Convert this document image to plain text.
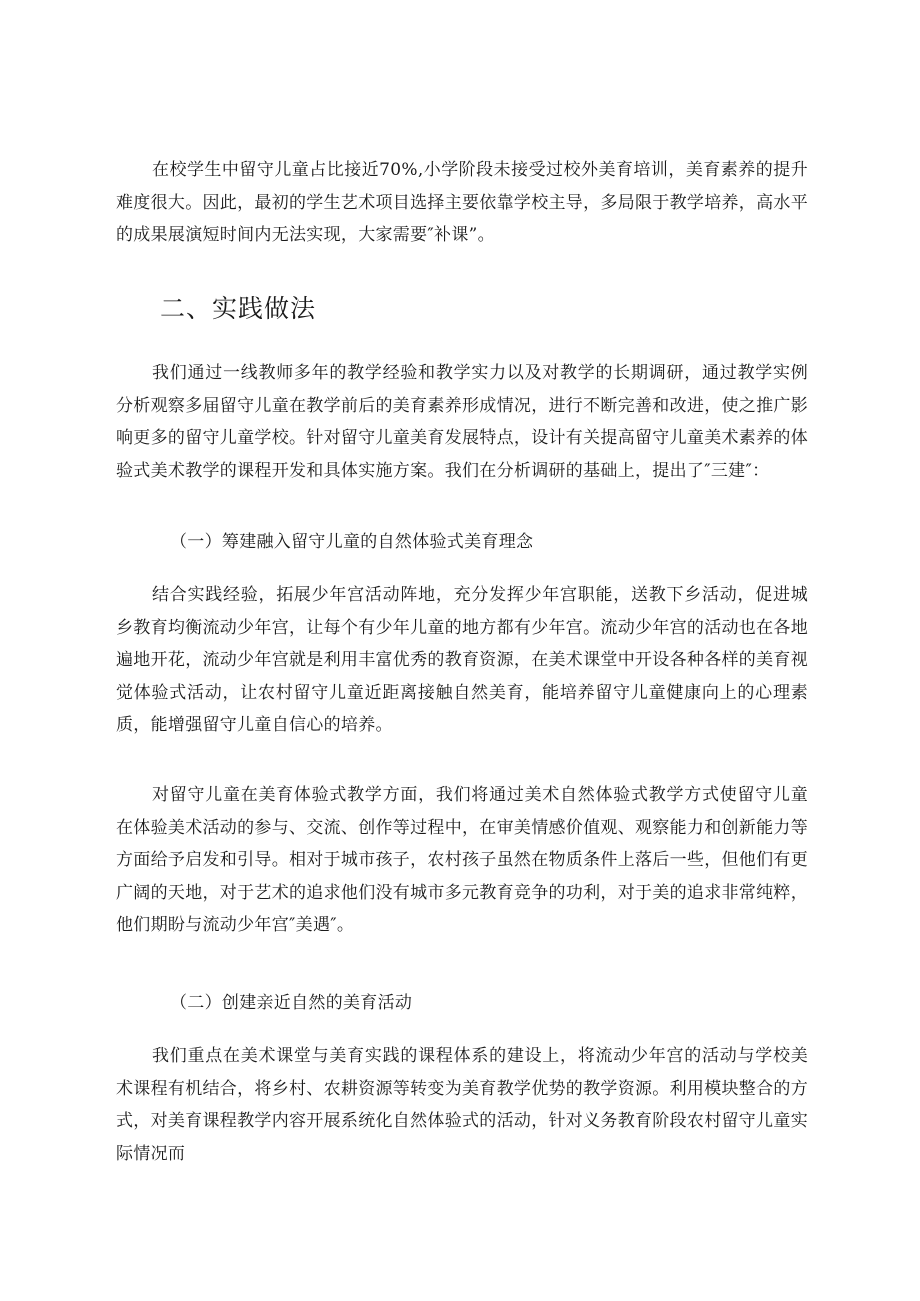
在校学生中留守儿童占比接近70%,小学阶段未接受过校外美育培训，美育素养的提升难度很大。因此，最初的学生艺术项目选择主要依靠学校主导，多局限于教学培养，高水平的成果展演短时间内无法实现，大家需要″补课”。

二、实践做法

我们通过一线教师多年的教学经验和教学实力以及对教学的长期调研，通过教学实例分析观察多届留守儿童在教学前后的美育素养形成情况，进行不断完善和改进，使之推广影响更多的留守儿童学校。针对留守儿童美育发展特点，设计有关提高留守儿童美术素养的体验式美术教学的课程开发和具体实施方案。我们在分析调研的基础上，提出了″三建″：

（一）筹建融入留守儿童的自然体验式美育理念

结合实践经验，拓展少年宫活动阵地，充分发挥少年宫职能，送教下乡活动，促进城乡教育均衡流动少年宫，让每个有少年儿童的地方都有少年宫。流动少年宫的活动也在各地遍地开花，流动少年宫就是利用丰富优秀的教育资源，在美术课堂中开设各种各样的美育视觉体验式活动，让农村留守儿童近距离接触自然美育，能培养留守儿童健康向上的心理素质，能增强留守儿童自信心的培养。

对留守儿童在美育体验式教学方面，我们将通过美术自然体验式教学方式使留守儿童在体验美术活动的参与、交流、创作等过程中，在审美情感价值观、观察能力和创新能力等方面给予启发和引导。相对于城市孩子，农村孩子虽然在物质条件上落后一些，但他们有更广阔的天地，对于艺术的追求他们没有城市多元教育竞争的功利，对于美的追求非常纯粹，他们期盼与流动少年宫″美遇″。

（二）创建亲近自然的美育活动

我们重点在美术课堂与美育实践的课程体系的建设上，将流动少年宫的活动与学校美术课程有机结合，将乡村、农耕资源等转变为美育教学优势的教学资源。利用模块整合的方式，对美育课程教学内容开展系统化自然体验式的活动，针对义务教育阶段农村留守儿童实际情况而
